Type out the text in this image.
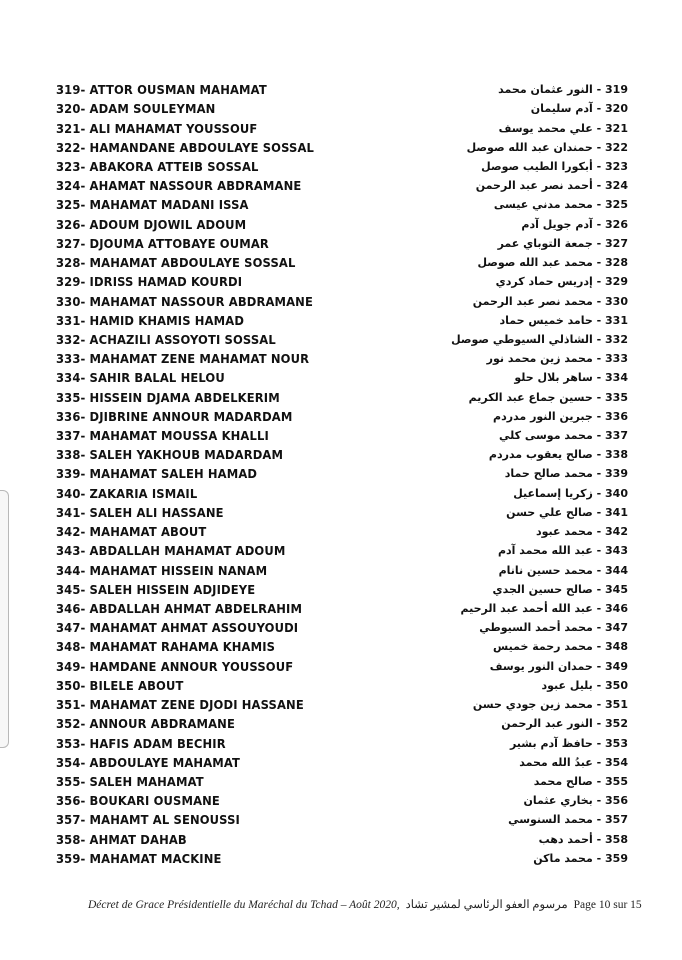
319- ATTOR OUSMAN MAHAMAT	319 - النور عثمان محمد
320- ADAM SOULEYMAN	320 - آدم سليمان
321- ALI MAHAMAT YOUSSOUF	321 - علي محمد يوسف
322- HAMANDANE ABDOULAYE SOSSAL	322 - حمندان عبد الله صوصل
323- ABAKORA ATTEIB SOSSAL	323 - أبكورا الطيب صوصل
324- AHAMAT NASSOUR ABDRAMANE	324 - أحمد نصر عبد الرحمن
325- MAHAMAT MADANI ISSA	325 - محمد مدني عيسى
326- ADOUM DJOWIL ADOUM	326 - آدم جويل آدم
327- DJOUMA ATTOBAYE OUMAR	327 - جمعة التوباي عمر
328- MAHAMAT ABDOULAYE SOSSAL	328 - محمد عبد الله صوصل
329- IDRISS HAMAD KOURDI	329 - إدريس حماد كردي
330- MAHAMAT NASSOUR ABDRAMANE	330 - محمد نصر عبد الرحمن
331- HAMID KHAMIS HAMAD	331 - حامد خميس حماد
332- ACHAZILI ASSOYOTI SOSSAL	332 - الشاذلي السيوطي صوصل
333- MAHAMAT ZENE MAHAMAT NOUR	333 - محمد زين محمد نور
334- SAHIR BALAL HELOU	334 - ساهر بلال حلو
335- HISSEIN DJAMA ABDELKERIM	335 - حسين جماع عبد الكريم
336- DJIBRINE ANNOUR MADARDAM	336 - جبرين النور مدردم
337- MAHAMAT MOUSSA KHALLI	337 - محمد موسى كلي
338- SALEH YAKHOUB MADARDAM	338 - صالح يعقوب مدردم
339- MAHAMAT SALEH HAMAD	339 - محمد صالح حماد
340- ZAKARIA ISMAIL	340 - زكريا إسماعيل
341- SALEH ALI HASSANE	341 - صالح علي حسن
342- MAHAMAT ABOUT	342 - محمد عبود
343- ABDALLAH MAHAMAT ADOUM	343 - عبد الله محمد آدم
344- MAHAMAT HISSEIN NANAM	344 - محمد حسين نانام
345- SALEH HISSEIN ADJIDEYE	345 - صالح حسين الجدي
346- ABDALLAH AHMAT ABDELRAHIM	346 - عبد الله أحمد عبد الرحيم
347- MAHAMAT AHMAT ASSOUYOUDI	347 - محمد أحمد السيوطي
348- MAHAMAT RAHAMA KHAMIS	348 - محمد رحمة خميس
349- HAMDANE ANNOUR YOUSSOUF	349 - حمدان النور يوسف
350- BILELE ABOUT	350 - بليل عبود
351- MAHAMAT ZENE DJODI HASSANE	351 - محمد زين جودي حسن
352- ANNOUR ABDRAMANE	352 - النور عبد الرحمن
353- HAFIS ADAM BECHIR	353 - حافظ آدم بشير
354- ABDOULAYE MAHAMAT	354 - عبدُ الله محمد
355- SALEH MAHAMAT	355 - صالح محمد
356- BOUKARI OUSMANE	356 - بخاري عثمان
357- MAHAMT AL SENOUSSI	357 - محمد السنوسي
358- AHMAT DAHAB	358 - أحمد دهب
359- MAHAMAT MACKINE	359 - محمد ماكن
Décret de Grace Présidentielle du Maréchal du Tchad – Août 2020, مرسوم العفو الرئاسي لمشير تشاد Page 10 sur 15
